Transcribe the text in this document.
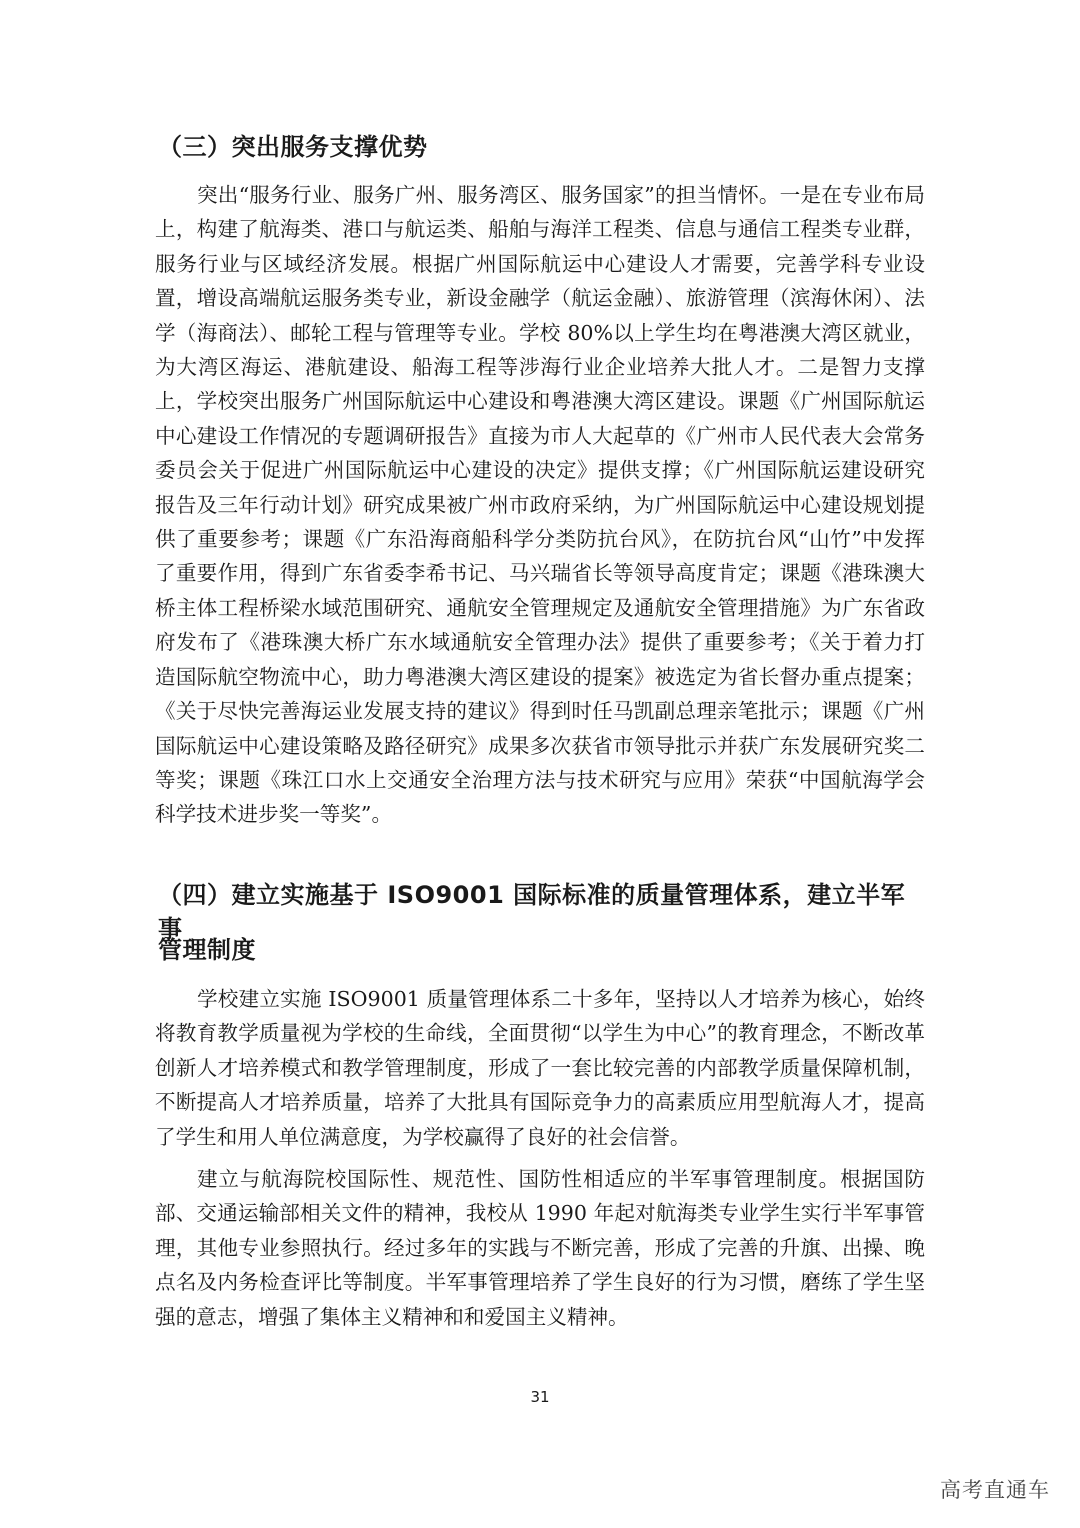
（三）突出服务支撑优势

突出“服务行业、服务广州、服务湾区、服务国家”的担当情怀。一是在专业布局上，构建了航海类、港口与航运类、船舶与海洋工程类、信息与通信工程类专业群，服务行业与区域经济发展。根据广州国际航运中心建设人才需要，完善学科专业设置，增设高端航运服务类专业，新设金融学（航运金融）、旅游管理（滨海休闲）、法学（海商法）、邮轮工程与管理等专业。学校 80%以上学生均在粤港澳大湾区就业，为大湾区海运、港航建设、船海工程等涉海行业企业培养大批人才。二是智力支撑上，学校突出服务广州国际航运中心建设和粤港澳大湾区建设。课题《广州国际航运中心建设工作情况的专题调研报告》直接为市人大起草的《广州市人民代表大会常务委员会关于促进广州国际航运中心建设的决定》提供支撑；《广州国际航运建设研究报告及三年行动计划》研究成果被广州市政府采纳，为广州国际航运中心建设规划提供了重要参考；课题《广东沿海商船科学分类防抗台风》，在防抗台风“山竹”中发挥了重要作用，得到广东省委李希书记、马兴瑞省长等领导高度肯定；课题《港珠澳大桥主体工程桥梁水域范围研究、通航安全管理规定及通航安全管理措施》为广东省政府发布了《港珠澳大桥广东水域通航安全管理办法》提供了重要参考；《关于着力打造国际航空物流中心，助力粤港澳大湾区建设的提案》被选定为省长督办重点提案；《关于尽快完善海运业发展支持的建议》得到时任马凯副总理亲笔批示；课题《广州国际航运中心建设策略及路径研究》成果多次获省市领导批示并获广东发展研究奖二等奖；课题《珠江口水上交通安全治理方法与技术研究与应用》荣获“中国航海学会科学技术进步奖一等奖”。

（四）建立实施基于 ISO9001 国际标准的质量管理体系，建立半军事
管理制度

学校建立实施 ISO9001 质量管理体系二十多年，坚持以人才培养为核心，始终将教育教学质量视为学校的生命线，全面贯彻“以学生为中心”的教育理念，不断改革创新人才培养模式和教学管理制度，形成了一套比较完善的内部教学质量保障机制，不断提高人才培养质量，培养了大批具有国际竞争力的高素质应用型航海人才，提高了学生和用人单位满意度，为学校赢得了良好的社会信誉。

建立与航海院校国际性、规范性、国防性相适应的半军事管理制度。根据国防部、交通运输部相关文件的精神，我校从 1990 年起对航海类专业学生实行半军事管理，其他专业参照执行。经过多年的实践与不断完善，形成了完善的升旗、出操、晚点名及内务检查评比等制度。半军事管理培养了学生良好的行为习惯，磨练了学生坚强的意志，增强了集体主义精神和和爱国主义精神。

31
高考直通车
